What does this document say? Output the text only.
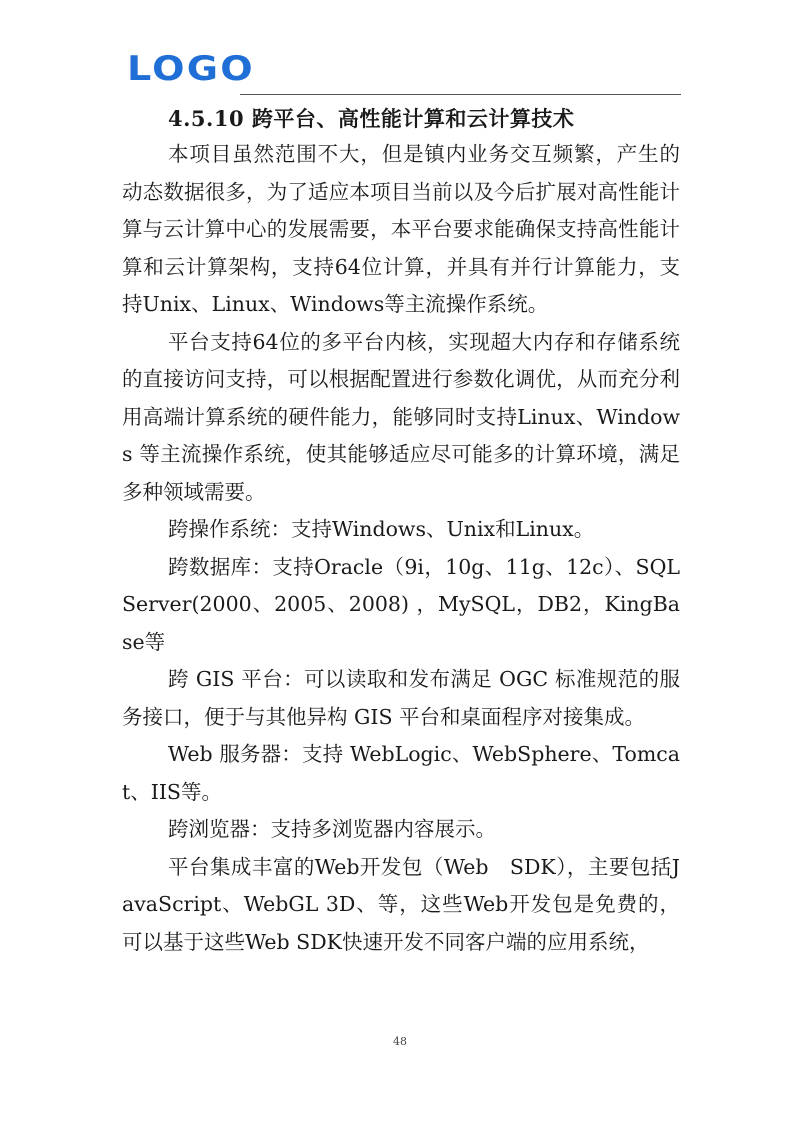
LOGO
4.5.10 跨平台、高性能计算和云计算技术

本项目虽然范围不大，但是镇内业务交互频繁，产生的动态数据很多，为了适应本项目当前以及今后扩展对高性能计算与云计算中心的发展需要，本平台要求能确保支持高性能计算和云计算架构，支持64位计算，并具有并行计算能力，支持Unix、Linux、Windows等主流操作系统。

平台支持64位的多平台内核，实现超大内存和存储系统的直接访问支持，可以根据配置进行参数化调优，从而充分利用高端计算系统的硬件能力，能够同时支持Linux、Windows 等主流操作系统，使其能够适应尽可能多的计算环境，满足多种领域需要。

跨操作系统：支持Windows、Unix和Linux。

跨数据库：支持Oracle（9i，10g、11g、12c）、SQL Server(2000、2005、2008) ，MySQL，DB2，KingBase等

跨 GIS 平台：可以读取和发布满足 OGC 标准规范的服务接口，便于与其他异构 GIS 平台和桌面程序对接集成。

Web 服务器：支持 WebLogic、WebSphere、Tomcat、IIS等。

跨浏览器：支持多浏览器内容展示。

平台集成丰富的Web开发包（Web　SDK），主要包括JavaScript、WebGL 3D、等，这些Web开发包是免费的，可以基于这些Web SDK快速开发不同客户端的应用系统，

48
